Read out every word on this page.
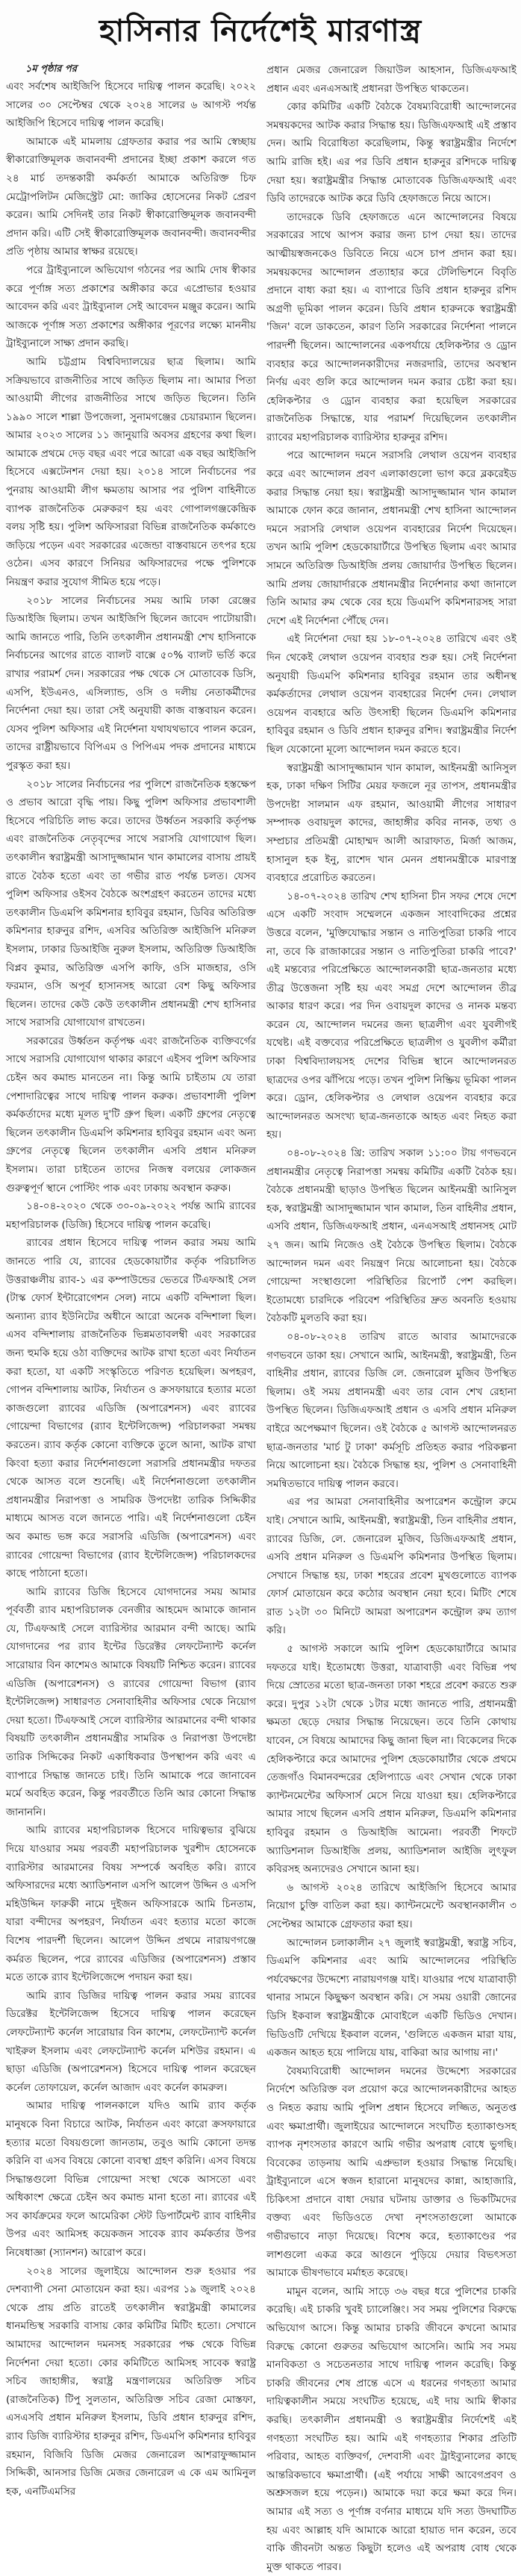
হাসিনার নির্দেশেই মারণাস্ত্র

১ম পৃষ্ঠার পর

এবং সর্বশেষ আইজিপি হিসেবে দায়িত্ব পালন করেছি। ২০২২ সালের ৩০ সেপ্টেম্বর থেকে ২০২৪ সালের ৬ আগস্ট পর্যন্ত আইজিপি হিসেবে দায়িত্ব পালন করেছি।

আমাকে এই মামলায় গ্রেফতার করার পর আমি স্বেচ্ছায় স্বীকারোক্তিমূলক জবানবন্দী প্রদানের ইচ্ছা প্রকাশ করলে গত ২৪ মার্চ তদন্তকারী কর্মকর্তা আমাকে অতিরিক্ত চিফ মেট্রোপলিটন মেজিস্ট্রেট মো: জাকির হোসেনের নিকট প্রেরণ করেন। আমি সেদিনই তার নিকট স্বীকারোক্তিমূলক জবানবন্দী প্রদান করি। এটি সেই স্বীকারোক্তিমূলক জবানবন্দী। জবানবন্দীর প্রতি পৃষ্ঠায় আমার স্বাক্ষর রয়েছে।

পরে ট্রাইব্যুনালে অভিযোগ গঠনের পর আমি দোষ স্বীকার করে পূর্ণাঙ্গ সত্য প্রকাশের অঙ্গীকার করে এপ্রোভার হওয়ার আবেদন করি এবং ট্রাইব্যুনাল সেই আবেদন মঞ্জুর করেন। আমি আজকে পূর্ণাঙ্গ সত্য প্রকাশের অঙ্গীকার পূরণের লক্ষ্যে মাননীয় ট্রাইব্যুনালে সাক্ষ্য প্রদান করছি।

আমি চট্টগ্রাম বিশ্ববিদ্যালয়ের ছাত্র ছিলাম। আমি সক্রিয়ভাবে রাজনীতির সাথে জড়িত ছিলাম না। আমার পিতা আওয়ামী লীগের রাজনীতির সাথে জড়িত ছিলেন। তিনি ১৯৯০ সালে শাল্লা উপজেলা, সুনামগঞ্জের চেয়ারম্যান ছিলেন। আমার ২০২৩ সালের ১১ জানুয়ারি অবসর গ্রহণের কথা ছিল। আমাকে প্রথমে দেড় বছর এবং পরে আরো এক বছর আইজিপি হিসেবে এক্সটেনশন দেয়া হয়। ২০১৪ সালে নির্বাচনের পর পুনরায় আওয়ামী লীগ ক্ষমতায় আসার পর পুলিশ বাহিনীতে ব্যাপক রাজনৈতিক মেরুকরণ হয় এবং গোপালগঞ্জকেন্দ্রিক বলয় সৃষ্টি হয়। পুলিশ অফিসাররা বিভিন্ন রাজনৈতিক কর্মকাণ্ডে জড়িয়ে পড়েন এবং সরকারের এজেন্ডা বাস্তবায়নে তৎপর হয়ে ওঠেন। এসব কারণে সিনিয়র অফিসারদের পক্ষে পুলিশকে নিয়ন্ত্রণ করার সুযোগ সীমিত হয়ে পড়ে।

২০১৮ সালের নির্বাচনের সময় আমি ঢাকা রেঞ্জের ডিআইজি ছিলাম। তখন আইজিপি ছিলেন জাবেদ পাটোয়ারী। আমি জানতে পারি, তিনি তৎকালীন প্রধানমন্ত্রী শেখ হাসিনাকে নির্বাচনের আগের রাতে ব্যালট বাক্সে ৫০% ব্যালট ভর্তি করে রাখার পরামর্শ দেন। সরকারের পক্ষ থেকে সে মোতাবেক ডিসি, এসপি, ইউএনও, এসিল্যান্ড, ওসি ও দলীয় নেতাকর্মীদের নির্দেশনা দেয়া হয়। তারা সেই অনুযায়ী কাজ বাস্তবায়ন করেন। যেসব পুলিশ অফিসার এই নির্দেশনা যথাযথভাবে পালন করেন, তাদের রাষ্ট্রীয়ভাবে বিপিএম ও পিপিএম পদক প্রদানের মাধ্যমে পুরস্কৃত করা হয়।

২০১৮ সালের নির্বাচনের পর পুলিশে রাজনৈতিক হস্তক্ষেপ ও প্রভাব আরো বৃদ্ধি পায়। কিছু পুলিশ অফিসার প্রভাবশালী হিসেবে পরিচিতি লাভ করে। তাদের উর্ধ্বতন সরকারি কর্তৃপক্ষ এবং রাজনৈতিক নেতৃবৃন্দের সাথে সরাসরি যোগাযোগ ছিল। তৎকালীন স্বরাষ্ট্রমন্ত্রী আসাদুজ্জামান খান কামালের বাসায় প্রায়ই রাতে বৈঠক হতো এবং তা গভীর রাত পর্যন্ত চলত। যেসব পুলিশ অফিসার ওইসব বৈঠকে অংশগ্রহণ করতেন তাদের মধ্যে তৎকালীন ডিএমপি কমিশনার হাবিবুর রহমান, ডিবির অতিরিক্ত কমিশনার হারুনুর রশিদ, এসবির অতিরিক্ত আইজিপি মনিরুল ইসলাম, ঢাকার ডিআইজি নুরুল ইসলাম, অতিরিক্ত ডিআইজি বিপ্লব কুমার, অতিরিক্ত এসপি কাফি, ওসি মাজহার, ওসি ফরমান, ওসি অপূর্ব হাসানসহ আরো বেশ কিছু অফিসার ছিলেন। তাদের কেউ কেউ তৎকালীন প্রধানমন্ত্রী শেখ হাসিনার সাথে সরাসরি যোগাযোগ রাখতেন।

সরকারের উর্ধ্বতন কর্তৃপক্ষ এবং রাজনৈতিক ব্যক্তিবর্গের সাথে সরাসরি যোগাযোগ থাকার কারণে এইসব পুলিশ অফিসার চেইন অব কমান্ড মানতেন না। কিন্তু আমি চাইতাম যে তারা পেশাদারিত্বের সাথে দায়িত্ব পালন করুক। প্রভাবশালী পুলিশ কর্মকর্তাদের মধ্যে মূলত দু'টি গ্রুপ ছিল। একটি গ্রুপের নেতৃত্বে ছিলেন তৎকালীন ডিএমপি কমিশনার হাবিবুর রহমান এবং অন্য গ্রুপের নেতৃত্বে ছিলেন তৎকালীন এসবি প্রধান মনিরুল ইসলাম। তারা চাইতেন তাদের নিজস্ব বলয়ের লোকজন গুরুত্বপূর্ণ স্থানে পোস্টিং পাক এবং ঢাকায় অবস্থান করুক।

১৪-০৪-২০২০ থেকে ৩০-০৯-২০২২ পর্যন্ত আমি র‌্যাবের মহাপরিচালক (ডিজি) হিসেবে দায়িত্ব পালন করেছি।

র‌্যাবের প্রধান হিসেবে দায়িত্ব পালন করার সময় আমি জানতে পারি যে, র‌্যাবের হেডকোয়ার্টার কর্তৃক পরিচালিত উত্তরাঞ্চলীয় র‌্যাব-১ এর কম্পাউন্ডের ভেতরে টিএফআই সেল (টাস্ক ফোর্স ইন্টারোগেশন সেল) নামে একটি বন্দিশালা ছিল। অন্যান্য র‌্যাব ইউনিটের অধীনে আরো অনেক বন্দিশালা ছিল। এসব বন্দিশালায় রাজনৈতিক ভিন্নমতাবলম্বী এবং সরকারের জন্য হুমকি হয়ে ওঠা ব্যক্তিদের আটক রাখা হতো এবং নির্যাতন করা হতো, যা একটি সংস্কৃতিতে পরিণত হয়েছিল। অপহরণ, গোপন বন্দিশালায় আটক, নির্যাতন ও ক্রসফায়ারে হত্যার মতো কাজগুলো র‌্যাবের এডিজি (অপারেশনস) এবং র‌্যাবের গোয়েন্দা বিভাগের (র‌্যাব ইন্টেলিজেন্স) পরিচালকরা সমন্বয় করতেন। র‌্যাব কর্তৃক কোনো ব্যক্তিকে তুলে আনা, আটক রাখা কিংবা হত্যা করার নির্দেশনাগুলো সরাসরি প্রধানমন্ত্রীর দফতর থেকে আসত বলে শুনেছি। এই নির্দেশনাগুলো তৎকালীন প্রধানমন্ত্রীর নিরাপত্তা ও সামরিক উপদেষ্টা তারিক সিদ্দিকীর মাধ্যমে আসত বলে জানতে পারি। এই নির্দেশনাগুলো চেইন অব কমান্ড ভঙ্গ করে সরাসরি এডিজি (অপারেশনস) এবং র‌্যাবের গোয়েন্দা বিভাগের (র‌্যাব ইন্টেলিজেন্স) পরিচালকদের কাছে পাঠানো হতো।

আমি র‌্যাবের ডিজি হিসেবে যোগদানের সময় আমার পূর্ববর্তী র‌্যাব মহাপরিচালক বেনজীর আহমেদ আমাকে জানান যে, টিএফআই সেলে ব্যারিস্টার আরমান বন্দী আছে। আমি যোগদানের পর র‌্যাব ইন্টের ডিরেক্টর লেফটেন্যান্ট কর্নেল সারোয়ার বিন কাশেমও আমাকে বিষয়টি নিশ্চিত করেন। র‌্যাবের এডিজি (অপারেশনস) ও র‌্যাবের গোয়েন্দা বিভাগ (র‌্যাব ইন্টেলিজেন্স) সাধারণত সেনাবাহিনীর অফিসার থেকে নিয়োগ দেয়া হতো। টিএফআই সেলে ব্যারিস্টার আরমানের বন্দী থাকার বিষয়টি তৎকালীন প্রধানমন্ত্রীর সামরিক ও নিরাপত্তা উপদেষ্টা তারিক সিদ্দিকের নিকট একাধিকবার উপস্থাপন করি এবং এ ব্যাপারে সিদ্ধান্ত জানতে চাই। তিনি আমাকে পরে জানাবেন মর্মে অবহিত করেন, কিন্তু পরবর্তীতে তিনি আর কোনো সিদ্ধান্ত জানাননি।

আমি র‌্যাবের মহাপরিচালক হিসেবে দায়িত্বভার বুঝিয়ে দিয়ে যাওয়ার সময় পরবর্তী মহাপরিচালক খুরশীদ হোসেনকে ব্যারিস্টার আরমানের বিষয় সম্পর্কে অবহিত করি। র‌্যাবে অফিসারদের মধ্যে অ্যাডিশনাল এসপি আলেপ উদ্দিন ও এসপি মহিউদ্দিন ফারুকী নামে দুইজন অফিসারকে আমি চিনতাম, যারা বন্দীদের অপহরণ, নির্যাতন এবং হত্যার মতো কাজে বিশেষ পারদর্শী ছিলেন। আলেপ উদ্দিন প্রথমে নারায়ণগঞ্জে কর্মরত ছিলেন, পরে র‌্যাবের এডিজির (অপারেশনস) প্রস্তাব মতে তাকে র‌্যাব ইন্টেলিজেন্সে পদায়ন করা হয়।

আমি র‌্যাব ডিজির দায়িত্ব পালন করার সময় র‌্যাবের ডিরেক্টর ইন্টেলিজেন্স হিসেবে দায়িত্ব পালন করেছেন লেফটেন্যান্ট কর্নেল সারোয়ার বিন কাশেম, লেফটেন্যান্ট কর্নেল খাইরুল ইসলাম এবং লেফটেন্যান্ট কর্নেল মশিউর রহমান। এ ছাড়া এডিজি (অপারেশনস) হিসেবে দায়িত্ব পালন করেছেন কর্নেল তোফায়েল, কর্নেল আজাদ এবং কর্নেল কামরুল।

আমার দায়িত্ব পালনকালে যদিও আমি র‌্যাব কর্তৃক মানুষকে বিনা বিচারে আটক, নির্যাতন এবং কারো ক্রসফায়ারে হত্যার মতো বিষয়গুলো জানতাম, তবুও আমি কোনো তদন্ত করিনি বা এসব বিষয়ে কোনো ব্যবস্থা গ্রহণ করিনি। এসব বিষয়ে সিদ্ধান্তগুলো বিভিন্ন গোয়েন্দা সংস্থা থেকে আসতো এবং অধিকাংশ ক্ষেত্রে চেইন অব কমান্ড মানা হতো না। র‌্যাবের এই সব কার্যক্রমের ফলে আমেরিকা স্টেট ডিপার্টমেন্ট র‌্যাব বাহিনীর উপর এবং আমিসহ কয়েকজন সাবেক র‌্যাব কর্মকর্তার উপর নিষেধাজ্ঞা (স্যানশন) আরোপ করে।

২০২৪ সালের জুলাইয়ে আন্দোলন শুরু হওয়ার পর দেশব্যাপী সেনা মোতায়েন করা হয়। এরপর ১৯ জুলাই ২০২৪ থেকে প্রায় প্রতি রাতেই তৎকালীন স্বরাষ্ট্রমন্ত্রী কামালের ধানমন্ডিস্থ সরকারি বাসায় কোর কমিটির মিটিং হতো। সেখানে আমাদের আন্দোলন দমনসহ সরকারের পক্ষ থেকে বিভিন্ন নির্দেশনা দেয়া হতো। কোর কমিটিতে আমিসহ সাবেক স্বরাষ্ট্র সচিব জাহাঙ্গীর, স্বরাষ্ট্র মন্ত্রণালয়ের অতিরিক্ত সচিব (রাজনৈতিক) টিপু সুলতান, অতিরিক্ত সচিব রেজা মোস্তফা, এসএসবি প্রধান মনিরুল ইসলাম, ডিবি প্রধান হারুনুর রশিদ, র‌্যাব ডিজি ব্যারিস্টার হারুনুর রশিদ, ডিএমপি কমিশনার হাবিবুর রহমান, বিজিবি ডিজি মেজর জেনারেল আশরাফুজ্জামান সিদ্দিকী, আনসার ডিজি মেজর জেনারেল এ কে এম আমিনুল হক, এনটিএমসির

প্রধান মেজর জেনারেল জিয়াউল আহসান, ডিজিএফআই প্রধান এবং এনএসআই প্রধানরা উপস্থিত থাকতেন।

কোর কমিটির একটি বৈঠকে বৈষম্যবিরোধী আন্দোলনের সমন্বয়কদের আটক করার সিদ্ধান্ত হয়। ডিজিএফআই এই প্রস্তাব দেন। আমি বিরোধিতা করেছিলাম, কিন্তু স্বরাষ্ট্রমন্ত্রীর নির্দেশে আমি রাজি হই। এর পর ডিবি প্রধান হারুনুর রশিদকে দায়িত্ব দেয়া হয়। স্বরাষ্ট্রমন্ত্রীর সিদ্ধান্ত মোতাবেক ডিজিএফআই এবং ডিবি তাদেরকে আটক করে ডিবি হেফাজতে নিয়ে আসে।

তাদেরকে ডিবি হেফাজতে এনে আন্দোলনের বিষয়ে সরকারের সাথে আপস করার জন্য চাপ দেয়া হয়। তাদের আত্মীয়স্বজনকেও ডিবিতে নিয়ে এসে চাপ প্রদান করা হয়। সমন্বয়কদের আন্দোলন প্রত্যাহার করে টেলিভিশনে বিবৃতি প্রদানে বাধ্য করা হয়। এ ব্যাপারে ডিবি প্রধান হারুনুর রশিদ অগ্রণী ভূমিকা পালন করেন। ডিবি প্রধান হারুনকে স্বরাষ্ট্রমন্ত্রী 'জিন' বলে ডাকতেন, কারণ তিনি সরকারের নির্দেশনা পালনে পারদর্শী ছিলেন। আন্দোলনের একপর্যায়ে হেলিকপ্টার ও ড্রোন ব্যবহার করে আন্দোলনকারীদের নজরদারি, তাদের অবস্থান নির্ণয় এবং গুলি করে আন্দোলন দমন করার চেষ্টা করা হয়। হেলিকপ্টার ও ড্রোন ব্যবহার করা হয়েছিল সরকারের রাজনৈতিক সিদ্ধান্তে, যার পরামর্শ দিয়েছিলেন তৎকালীন র‌্যাবের মহাপরিচালক ব্যারিস্টার হারুনুর রশিদ।

পরে আন্দোলন দমনে সরাসরি লেথাল ওয়েপন ব্যবহার করে এবং আন্দোলন প্রবণ এলাকাগুলো ভাগ করে ব্লকরেইড করার সিদ্ধান্ত নেয়া হয়। স্বরাষ্ট্রমন্ত্রী আসাদুজ্জামান খান কামাল আমাকে ফোন করে জানান, প্রধানমন্ত্রী শেখ হাসিনা আন্দোলন দমনে সরাসরি লেথাল ওয়েপন ব্যবহারের নির্দেশ দিয়েছেন। তখন আমি পুলিশ হেডকোয়ার্টারে উপস্থিত ছিলাম এবং আমার সামনে অতিরিক্ত ডিআইজি প্রলয় জোয়ার্দার উপস্থিত ছিলেন। আমি প্রলয় জোয়ার্দারকে প্রধানমন্ত্রীর নির্দেশনার কথা জানালে তিনি আমার রুম থেকে বের হয়ে ডিএমপি কমিশনারসহ সারা দেশে এই নির্দেশনা পৌঁছে দেন।

এই নির্দেশনা দেয়া হয় ১৮-০৭-২০২৪ তারিখে এবং ওই দিন থেকেই লেথাল ওয়েপন ব্যবহার শুরু হয়। সেই নির্দেশনা অনুযায়ী ডিএমপি কমিশনার হাবিবুর রহমান তার অধীনস্থ কর্মকর্তাদের লেথাল ওয়েপন ব্যবহারের নির্দেশ দেন। লেথাল ওয়েপন ব্যবহারে অতি উৎসাহী ছিলেন ডিএমপি কমিশনার হাবিবুর রহমান ও ডিবি প্রধান হারুনুর রশিদ। স্বরাষ্ট্রমন্ত্রীর নির্দেশ ছিল যেকোনো মূল্যে আন্দোলন দমন করতে হবে।

স্বরাষ্ট্রমন্ত্রী আসাদুজ্জামান খান কামাল, আইনমন্ত্রী আনিসুল হক, ঢাকা দক্ষিণ সিটির মেয়র ফজলে নূর তাপস, প্রধানমন্ত্রীর উপদেষ্টা সালমান এফ রহমান, আওয়ামী লীগের সাধারণ সম্পাদক ওবায়দুল কাদের, জাহাঙ্গীর কবির নানক, তথ্য ও সম্প্রচার প্রতিমন্ত্রী মোহাম্মদ আলী আরাফাত, মির্জা আজম, হাসানুল হক ইনু, রাশেদ খান মেনন প্রধানমন্ত্রীকে মারণাস্ত্র ব্যবহারে প্ররোচিত করতেন।

১৪-০৭-২০২৪ তারিখ শেখ হাসিনা চীন সফর শেষে দেশে এসে একটি সংবাদ সম্মেলনে একজন সাংবাদিকের প্রশ্নের উত্তরে বলেন, 'মুক্তিযোদ্ধার সন্তান ও নাতিপুতিরা চাকরি পাবে না, তবে কি রাজাকারের সন্তান ও নাতিপুতিরা চাকরি পাবে?' এই মন্তব্যের পরিপ্রেক্ষিতে আন্দোলনকারী ছাত্র-জনতার মধ্যে তীব্র উত্তেজনা সৃষ্টি হয় এবং সমগ্র দেশে আন্দোলন তীব্র আকার ধারণ করে। পর দিন ওবায়দুল কাদের ও নানক মন্তব্য করেন যে, আন্দোলন দমনের জন্য ছাত্রলীগ এবং যুবলীগই যথেষ্ট। এই বক্তব্যের পরিপ্রেক্ষিতে ছাত্রলীগ ও যুবলীগ কর্মীরা ঢাকা বিশ্ববিদ্যালয়সহ দেশের বিভিন্ন স্থানে আন্দোলনরত ছাত্রদের ওপর ঝাঁপিয়ে পড়ে। তখন পুলিশ নিষ্ক্রিয় ভূমিকা পালন করে। ড্রোন, হেলিকপ্টার ও লেথাল ওয়েপন ব্যবহার করে আন্দোলনরত অসংখ্য ছাত্র-জনতাকে আহত এবং নিহত করা হয়।

০৪-০৮-২০২৪ খ্রি: তারিখ সকাল ১১:০০ টায় গণভবনে প্রধানমন্ত্রীর নেতৃত্বে নিরাপত্তা সমন্বয় কমিটির একটি বৈঠক হয়। বৈঠকে প্রধানমন্ত্রী ছাড়াও উপস্থিত ছিলেন আইনমন্ত্রী আনিসুল হক, স্বরাষ্ট্রমন্ত্রী আসাদুজ্জামান খান কামাল, তিন বাহিনীর প্রধান, এসবি প্রধান, ডিজিএফআই প্রধান, এনএসআই প্রধানসহ মোট ২৭ জন। আমি নিজেও ওই বৈঠকে উপস্থিত ছিলাম। বৈঠকে আন্দোলন দমন এবং নিয়ন্ত্রণ নিয়ে আলোচনা হয়। বৈঠকে গোয়েন্দা সংস্থাগুলো পরিস্থিতির রিপোর্ট পেশ করছিল। ইতোমধ্যে চারদিকে পরিবেশ পরিস্থিতির দ্রুত অবনতি হওয়ায় বৈঠকটি মুলতবি করা হয়।

০৪-০৮-২০২৪ তারিখ রাতে আবার আমাদেরকে গণভবনে ডাকা হয়। সেখানে আমি, আইনমন্ত্রী, স্বরাষ্ট্রমন্ত্রী, তিন বাহিনীর প্রধান, র‌্যাবের ডিজি লে. জেনারেল মুজিব উপস্থিত ছিলাম। ওই সময় প্রধানমন্ত্রী এবং তার বোন শেখ রেহানা উপস্থিত ছিলেন। ডিজিএফআই প্রধান ও এসবি প্রধান মনিরুল বাইরে অপেক্ষমাণ ছিলেন। ওই বৈঠকে ৫ আগস্ট আন্দোলনরত ছাত্র-জনতার 'মার্চ টু ঢাকা' কর্মসূচি প্রতিহত করার পরিকল্পনা নিয়ে আলোচনা হয়। বৈঠকে সিদ্ধান্ত হয়, পুলিশ ও সেনাবাহিনী সমন্বিতভাবে দায়িত্ব পালন করবে।

এর পর আমরা সেনাবাহিনীর অপারেশন কন্ট্রোল রুমে যাই। সেখানে আমি, আইনমন্ত্রী, স্বরাষ্ট্রমন্ত্রী, তিন বাহিনীর প্রধান, র‌্যাবের ডিজি, লে. জেনারেল মুজিব, ডিজিএফআই প্রধান, এসবি প্রধান মনিরুল ও ডিএমপি কমিশনার উপস্থিত ছিলাম। সেখানে সিদ্ধান্ত হয়, ঢাকা শহরের প্রবেশ মুখগুলোতে ব্যাপক ফোর্স মোতায়েন করে কঠোর অবস্থান নেয়া হবে। মিটিং শেষে রাত ১২টা ৩০ মিনিটে আমরা অপারেশন কন্ট্রোল রুম ত্যাগ করি।

৫ আগস্ট সকালে আমি পুলিশ হেডকোয়ার্টারে আমার দফতরে যাই। ইতোমধ্যে উত্তরা, যাত্রাবাড়ী এবং বিভিন্ন পথ দিয়ে স্রোতের মতো ছাত্র-জনতা ঢাকা শহরে প্রবেশ করতে শুরু করে। দুপুর ১২টা থেকে ১টার মধ্যে জানতে পারি, প্রধানমন্ত্রী ক্ষমতা ছেড়ে দেয়ার সিদ্ধান্ত নিয়েছেন। তবে তিনি কোথায় যাবেন, সে বিষয়ে আমাদের কিছু জানা ছিল না। বিকেলের দিকে হেলিকপ্টারে করে আমাদের পুলিশ হেডকোয়ার্টার থেকে প্রথমে তেজগাঁও বিমানবন্দরের হেলিপ্যাডে এবং সেখান থেকে ঢাকা ক্যান্টনমেন্টের অফিসার্স মেসে নিয়ে যাওয়া হয়। হেলিকপ্টারে আমার সাথে ছিলেন এসবি প্রধান মনিরুল, ডিএমপি কমিশনার হাবিবুর রহমান ও ডিআইজি আমেনা। পরবর্তী শিফটে অ্যাডিশনাল ডিআইজি প্রলয়, অ্যাডিশনাল আইজি লুৎফুল কবিরসহ অন্যদেরও সেখানে আনা হয়।

৬ আগস্ট ২০২৪ তারিখে আইজিপি হিসেবে আমার নিয়োগ চুক্তি বাতিল করা হয়। ক্যান্টনমেন্টে অবস্থানকালীন ৩ সেপ্টেম্বর আমাকে গ্রেফতার করা হয়।

আন্দোলন চলাকালীন ২৭ জুলাই স্বরাষ্ট্রমন্ত্রী, স্বরাষ্ট্র সচিব, ডিএমপি কমিশনার এবং আমি আন্দোলনের পরিস্থিতি পর্যবেক্ষণের উদ্দেশ্যে নারায়ণগঞ্জ যাই। যাওয়ার পথে যাত্রাবাড়ী থানার সামনে কিছুক্ষণ অবস্থান করি। সে সময় ওয়ারী জোনের ডিসি ইকবাল স্বরাষ্ট্রমন্ত্রীকে মোবাইলে একটি ভিডিও দেখান। ভিডিওটি দেখিয়ে ইকবাল বলেন, 'গুলিতে একজন মারা যায়, একজন আহত হয়ে পালিয়ে যায়, বাকিরা আর আগায় না।'

বৈষম্যবিরোধী আন্দোলন দমনের উদ্দেশ্যে সরকারের নির্দেশে অতিরিক্ত বল প্রয়োগ করে আন্দোলনকারীদের আহত ও নিহত করায় আমি পুলিশ প্রধান হিসেবে লজ্জিত, অনুতপ্ত এবং ক্ষমাপ্রার্থী। জুলাইয়ের আন্দোলনে সংঘটিত হত্যাকাণ্ডসহ ব্যাপক নৃশংসতার কারণে আমি গভীর অপরাধ বোধে ভুগছি। বিবেকের তাড়নায় আমি এপ্রুভাল হওয়ার সিদ্ধান্ত নিয়েছি। ট্রাইব্যুনালে এসে স্বজন হারানো মানুষদের কান্না, আহাজারি, চিকিৎসা প্রদানে বাধা দেয়ার ঘটনায় ডাক্তার ও ভিকটিমদের বক্তব্য এবং ভিডিওতে দেখা নৃশংসতাগুলো আমাকে গভীরভাবে নাড়া দিয়েছে। বিশেষ করে, হত্যাকাণ্ডের পর লাশগুলো একত্র করে আগুনে পুড়িয়ে দেয়ার বিভৎসতা আমাকে ভীষণভাবে মর্মাহত করেছে।

মামুন বলেন, আমি সাড়ে ৩৬ বছর ধরে পুলিশের চাকরি করেছি। এই চাকরি খুবই চ্যালেঞ্জিং। সব সময় পুলিশের বিরুদ্ধে অভিযোগ আসে। কিন্তু আমার চাকরি জীবনে কখনো আমার বিরুদ্ধে কোনো গুরুতর অভিযোগ আসেনি। আমি সব সময় মানবিকতা ও সচেতনতার সাথে দায়িত্ব পালন করেছি। কিন্তু চাকরি জীবনের শেষ প্রান্তে এসে এ ধরনের গণহত্যা আমার দায়িত্বকালীন সময়ে সংঘটিত হয়েছে, এই দায় আমি স্বীকার করছি। তৎকালীন প্রধানমন্ত্রী ও স্বরাষ্ট্রমন্ত্রীর নির্দেশেই এই গণহত্যা সংঘটিত হয়। আমি এই গণহত্যার শিকার প্রতিটি পরিবার, আহত ব্যক্তিবর্গ, দেশবাসী এবং ট্রাইব্যুনালের কাছে আন্তরিকভাবে ক্ষমাপ্রার্থী। (এই পর্যায়ে সাক্ষী আবেগপ্রবণ ও অশ্রুসজল হয়ে পড়েন।) আমাকে দয়া করে ক্ষমা করে দিন। আমার এই সত্য ও পূর্ণাঙ্গ বর্ণনার মাধ্যমে যদি সত্য উদঘাটিত হয় এবং আল্লাহ যদি আমাকে আরো হায়াত দান করেন, তবে বাকি জীবনটা অন্তত কিছুটা হলেও এই অপরাধ বোধ থেকে মুক্ত থাকতে পারব।
